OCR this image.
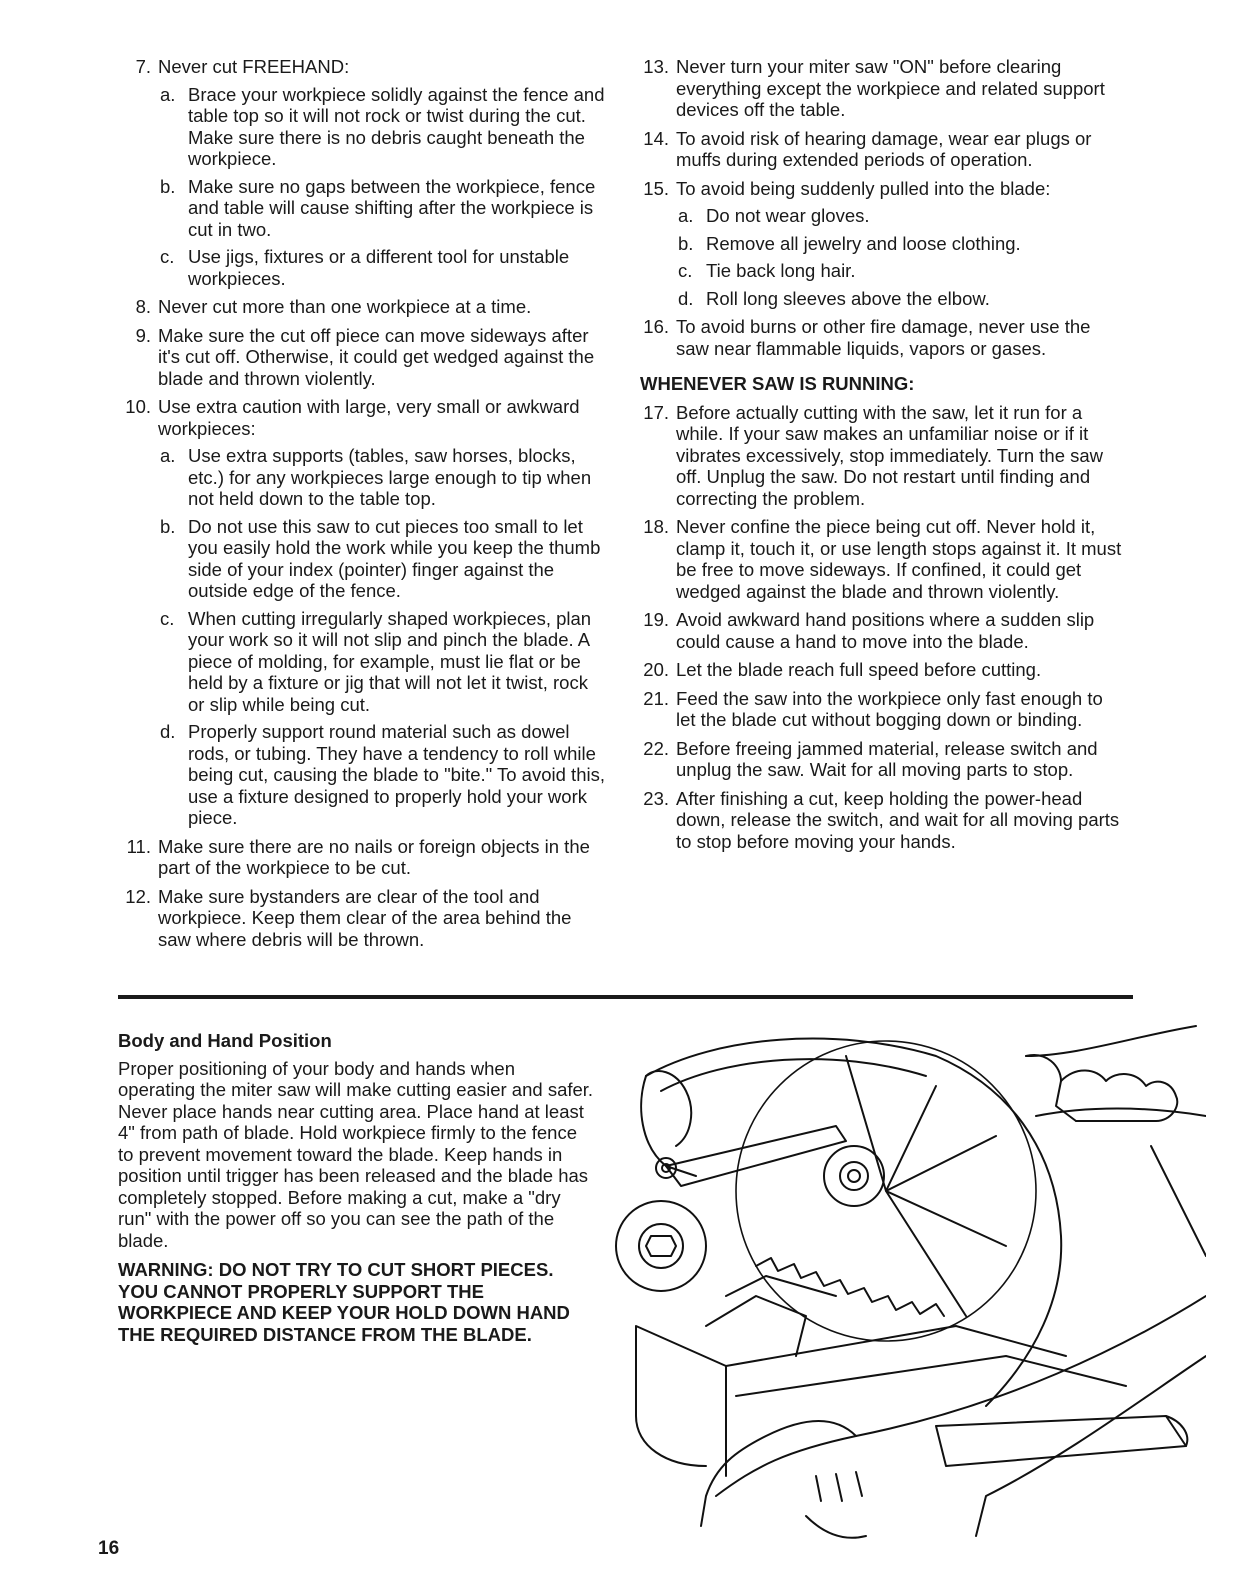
7. Never cut FREEHAND:
a. Brace your workpiece solidly against the fence and table top so it will not rock or twist during the cut. Make sure there is no debris caught beneath the workpiece.
b. Make sure no gaps between the workpiece, fence and table will cause shifting after the workpiece is cut in two.
c. Use jigs, fixtures or a different tool for unstable workpieces.
8. Never cut more than one workpiece at a time.
9. Make sure the cut off piece can move sideways after it's cut off. Otherwise, it could get wedged against the blade and thrown violently.
10. Use extra caution with large, very small or awkward workpieces:
a. Use extra supports (tables, saw horses, blocks, etc.) for any workpieces large enough to tip when not held down to the table top.
b. Do not use this saw to cut pieces too small to let you easily hold the work while you keep the thumb side of your index (pointer) finger against the outside edge of the fence.
c. When cutting irregularly shaped workpieces, plan your work so it will not slip and pinch the blade. A piece of molding, for example, must lie flat or be held by a fixture or jig that will not let it twist, rock or slip while being cut.
d. Properly support round material such as dowel rods, or tubing. They have a tendency to roll while being cut, causing the blade to "bite." To avoid this, use a fixture designed to properly hold your work piece.
11. Make sure there are no nails or foreign objects in the part of the workpiece to be cut.
12. Make sure bystanders are clear of the tool and workpiece. Keep them clear of the area behind the saw where debris will be thrown.
13. Never turn your miter saw "ON" before clearing everything except the workpiece and related support devices off the table.
14. To avoid risk of hearing damage, wear ear plugs or muffs during extended periods of operation.
15. To avoid being suddenly pulled into the blade:
a. Do not wear gloves.
b. Remove all jewelry and loose clothing.
c. Tie back long hair.
d. Roll long sleeves above the elbow.
16. To avoid burns or other fire damage, never use the saw near flammable liquids, vapors or gases.
WHENEVER SAW IS RUNNING:
17. Before actually cutting with the saw, let it run for a while. If your saw makes an unfamiliar noise or if it vibrates excessively, stop immediately. Turn the saw off. Unplug the saw. Do not restart until finding and correcting the problem.
18. Never confine the piece being cut off. Never hold it, clamp it, touch it, or use length stops against it. It must be free to move sideways. If confined, it could get wedged against the blade and thrown violently.
19. Avoid awkward hand positions where a sudden slip could cause a hand to move into the blade.
20. Let the blade reach full speed before cutting.
21. Feed the saw into the workpiece only fast enough to let the blade cut without bogging down or binding.
22. Before freeing jammed material, release switch and unplug the saw. Wait for all moving parts to stop.
23. After finishing a cut, keep holding the power-head down, release the switch, and wait for all moving parts to stop before moving your hands.
Body and Hand Position

Proper positioning of your body and hands when operating the miter saw will make cutting easier and safer. Never place hands near cutting area. Place hand at least 4" from path of blade. Hold workpiece firmly to the fence to prevent movement toward the blade. Keep hands in position until trigger has been released and the blade has completely stopped. Before making a cut, make a "dry run" with the power off so you can see the path of the blade.

WARNING: DO NOT TRY TO CUT SHORT PIECES. YOU CANNOT PROPERLY SUPPORT THE WORKPIECE AND KEEP YOUR HOLD DOWN HAND THE REQUIRED DISTANCE FROM THE BLADE.

16
